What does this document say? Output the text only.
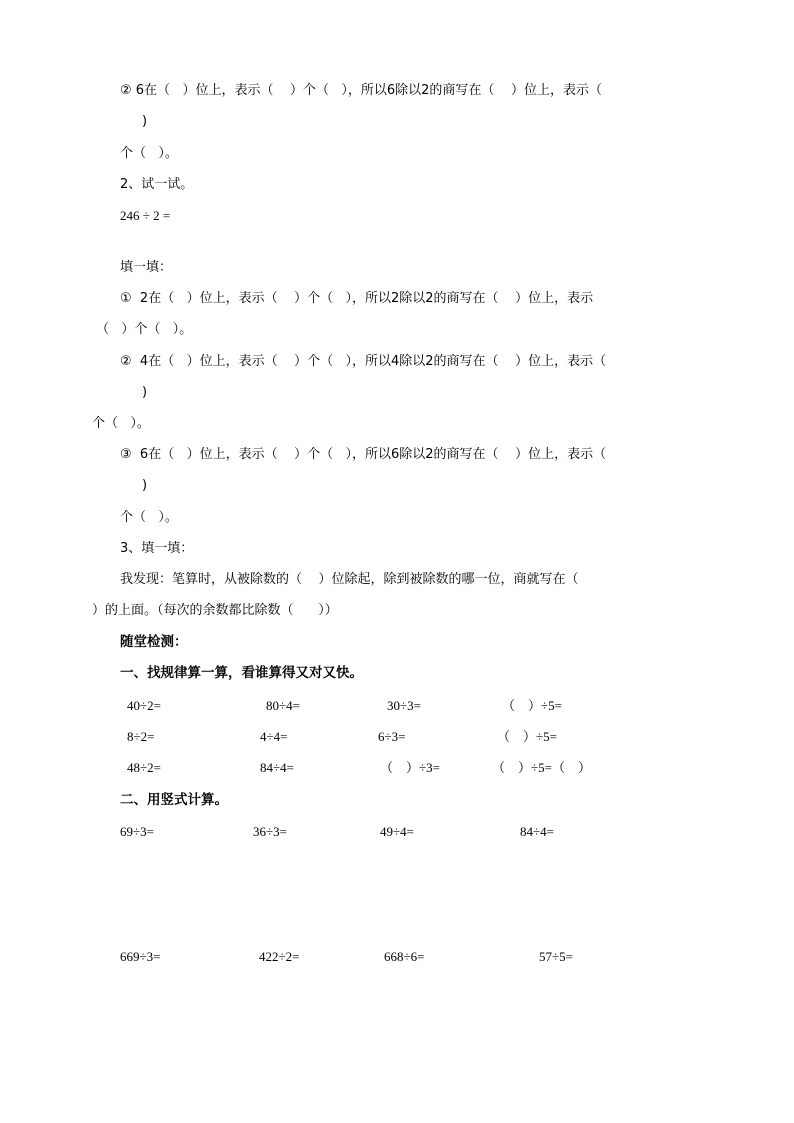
② 6在（   ）位上，表示（    ）个（   ），所以6除以2的商写在（    ）位上，表示（
)
个（   ）。
2、试一试。
246 ÷ 2 =
填一填：
①  2在（   ）位上，表示（    ）个（   ），所以2除以2的商写在（    ）位上，表示
（   ）个（   ）。
②  4在（   ）位上，表示（    ）个（   ），所以4除以2的商写在（    ）位上，表示（
)
个（   ）。
③  6在（   ）位上，表示（    ）个（   ），所以6除以2的商写在（    ）位上，表示（
)
个（   ）。
3、填一填：
我发现：笔算时，从被除数的（    ）位除起，除到被除数的哪一位，商就写在（
）的上面。（每次的余数都比除数（      ））
随堂检测：
一、找规律算一算，看谁算得又对又快。
40÷2=	80÷4=	30÷3=	（    ）÷5=
8÷2=	4÷4=	6÷3=	（    ）÷5=
48÷2=	84÷4=	（    ）÷3=	（    ）÷5=（    ）
二、用竖式计算。
69÷3=	36÷3=	49÷4=	84÷4=
669÷3=	422÷2=	668÷6=	57÷5=
